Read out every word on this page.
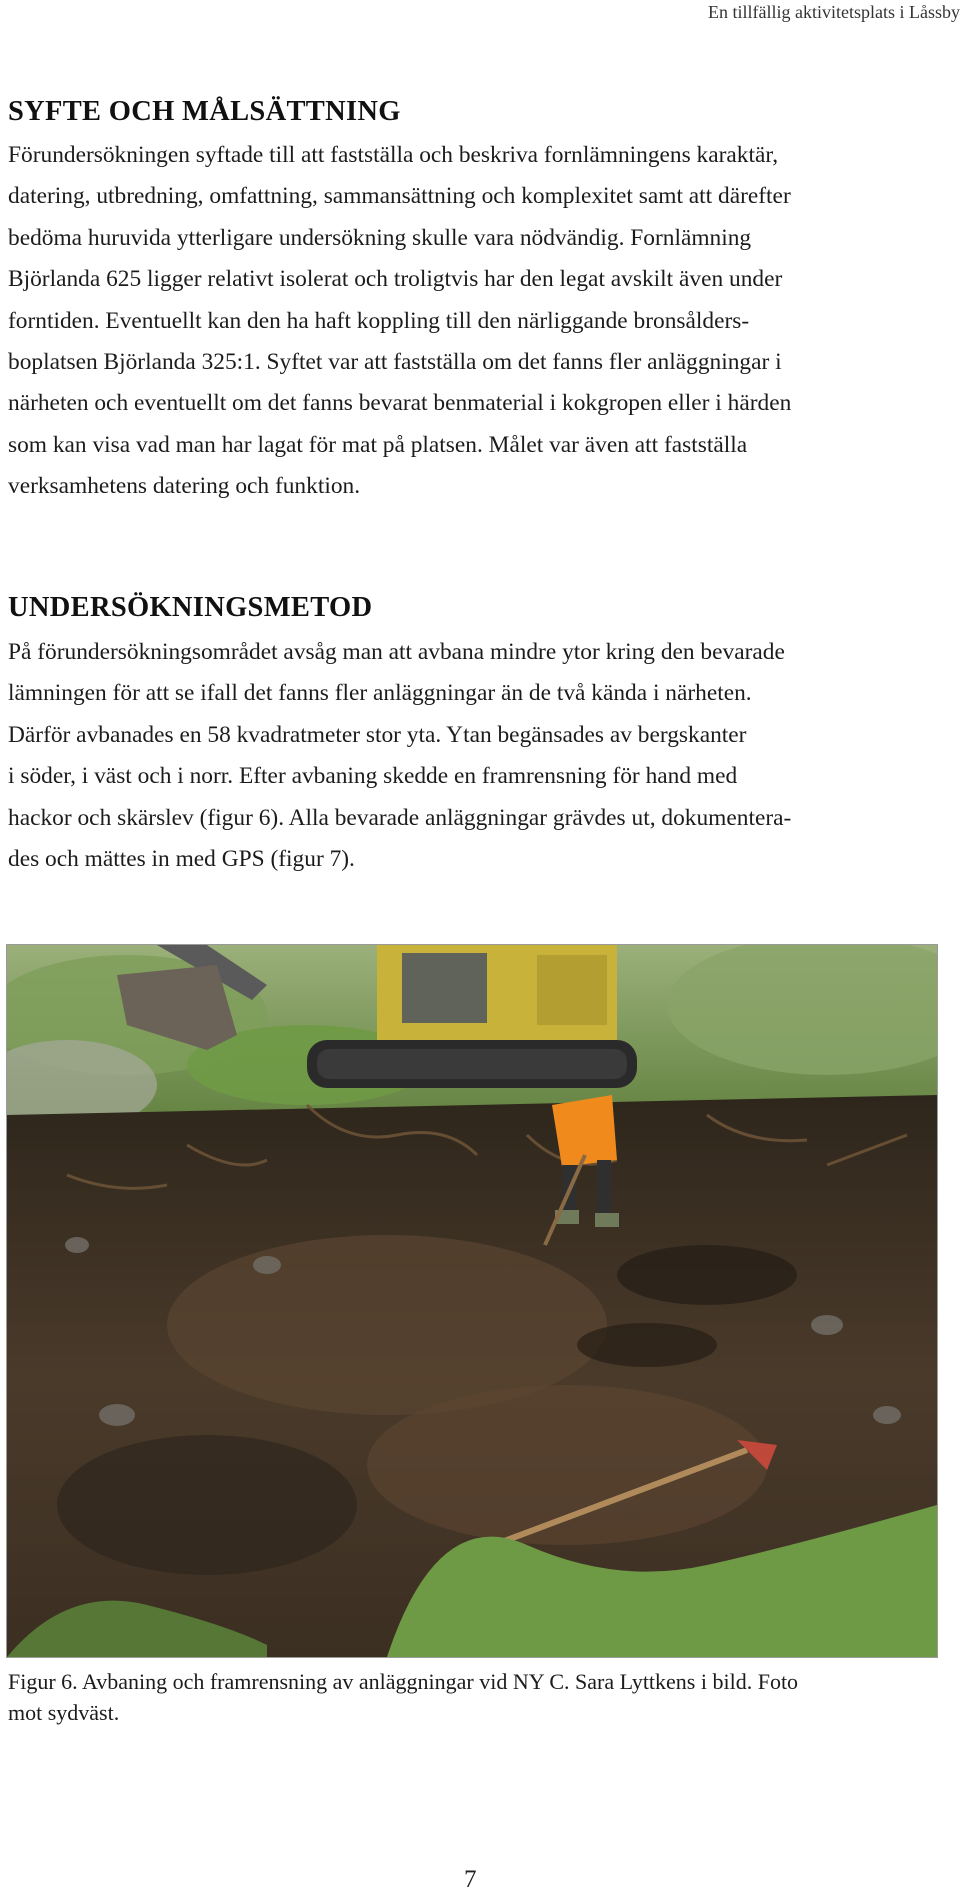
En tillfällig aktivitetsplats i Låssby
SYFTE OCH MÅLSÄTTNING

Förundersökningen syftade till att fastställa och beskriva fornlämningens karaktär,
datering, utbredning, omfattning, sammansättning och komplexitet samt att därefter
bedöma huruvida ytterligare undersökning skulle vara nödvändig. Fornlämning
Björlanda 625 ligger relativt isolerat och troligtvis har den legat avskilt även under
forntiden. Eventuellt kan den ha haft koppling till den närliggande bronsålders-
boplatsen Björlanda 325:1. Syftet var att fastställa om det fanns fler anläggningar i
närheten och eventuellt om det fanns bevarat benmaterial i kokgropen eller i härden
som kan visa vad man har lagat för mat på platsen. Målet var även att fastställa
verksamhetens datering och funktion.

UNDERSÖKNINGSMETOD

På förundersökningsområdet avsåg man att avbana mindre ytor kring den bevarade
lämningen för att se ifall det fanns fler anläggningar än de två kända i närheten.
Därför avbanades en 58 kvadratmeter stor yta. Ytan begänsades av bergskanter
i söder, i väst och i norr. Efter avbaning skedde en framrensning för hand med
hackor och skärslev (figur 6). Alla bevarade anläggningar grävdes ut, dokumentera-
des och mättes in med GPS (figur 7).

Figur 6. Avbaning och framrensning av anläggningar vid NY C. Sara Lyttkens i bild. Foto
mot sydväst.
7
